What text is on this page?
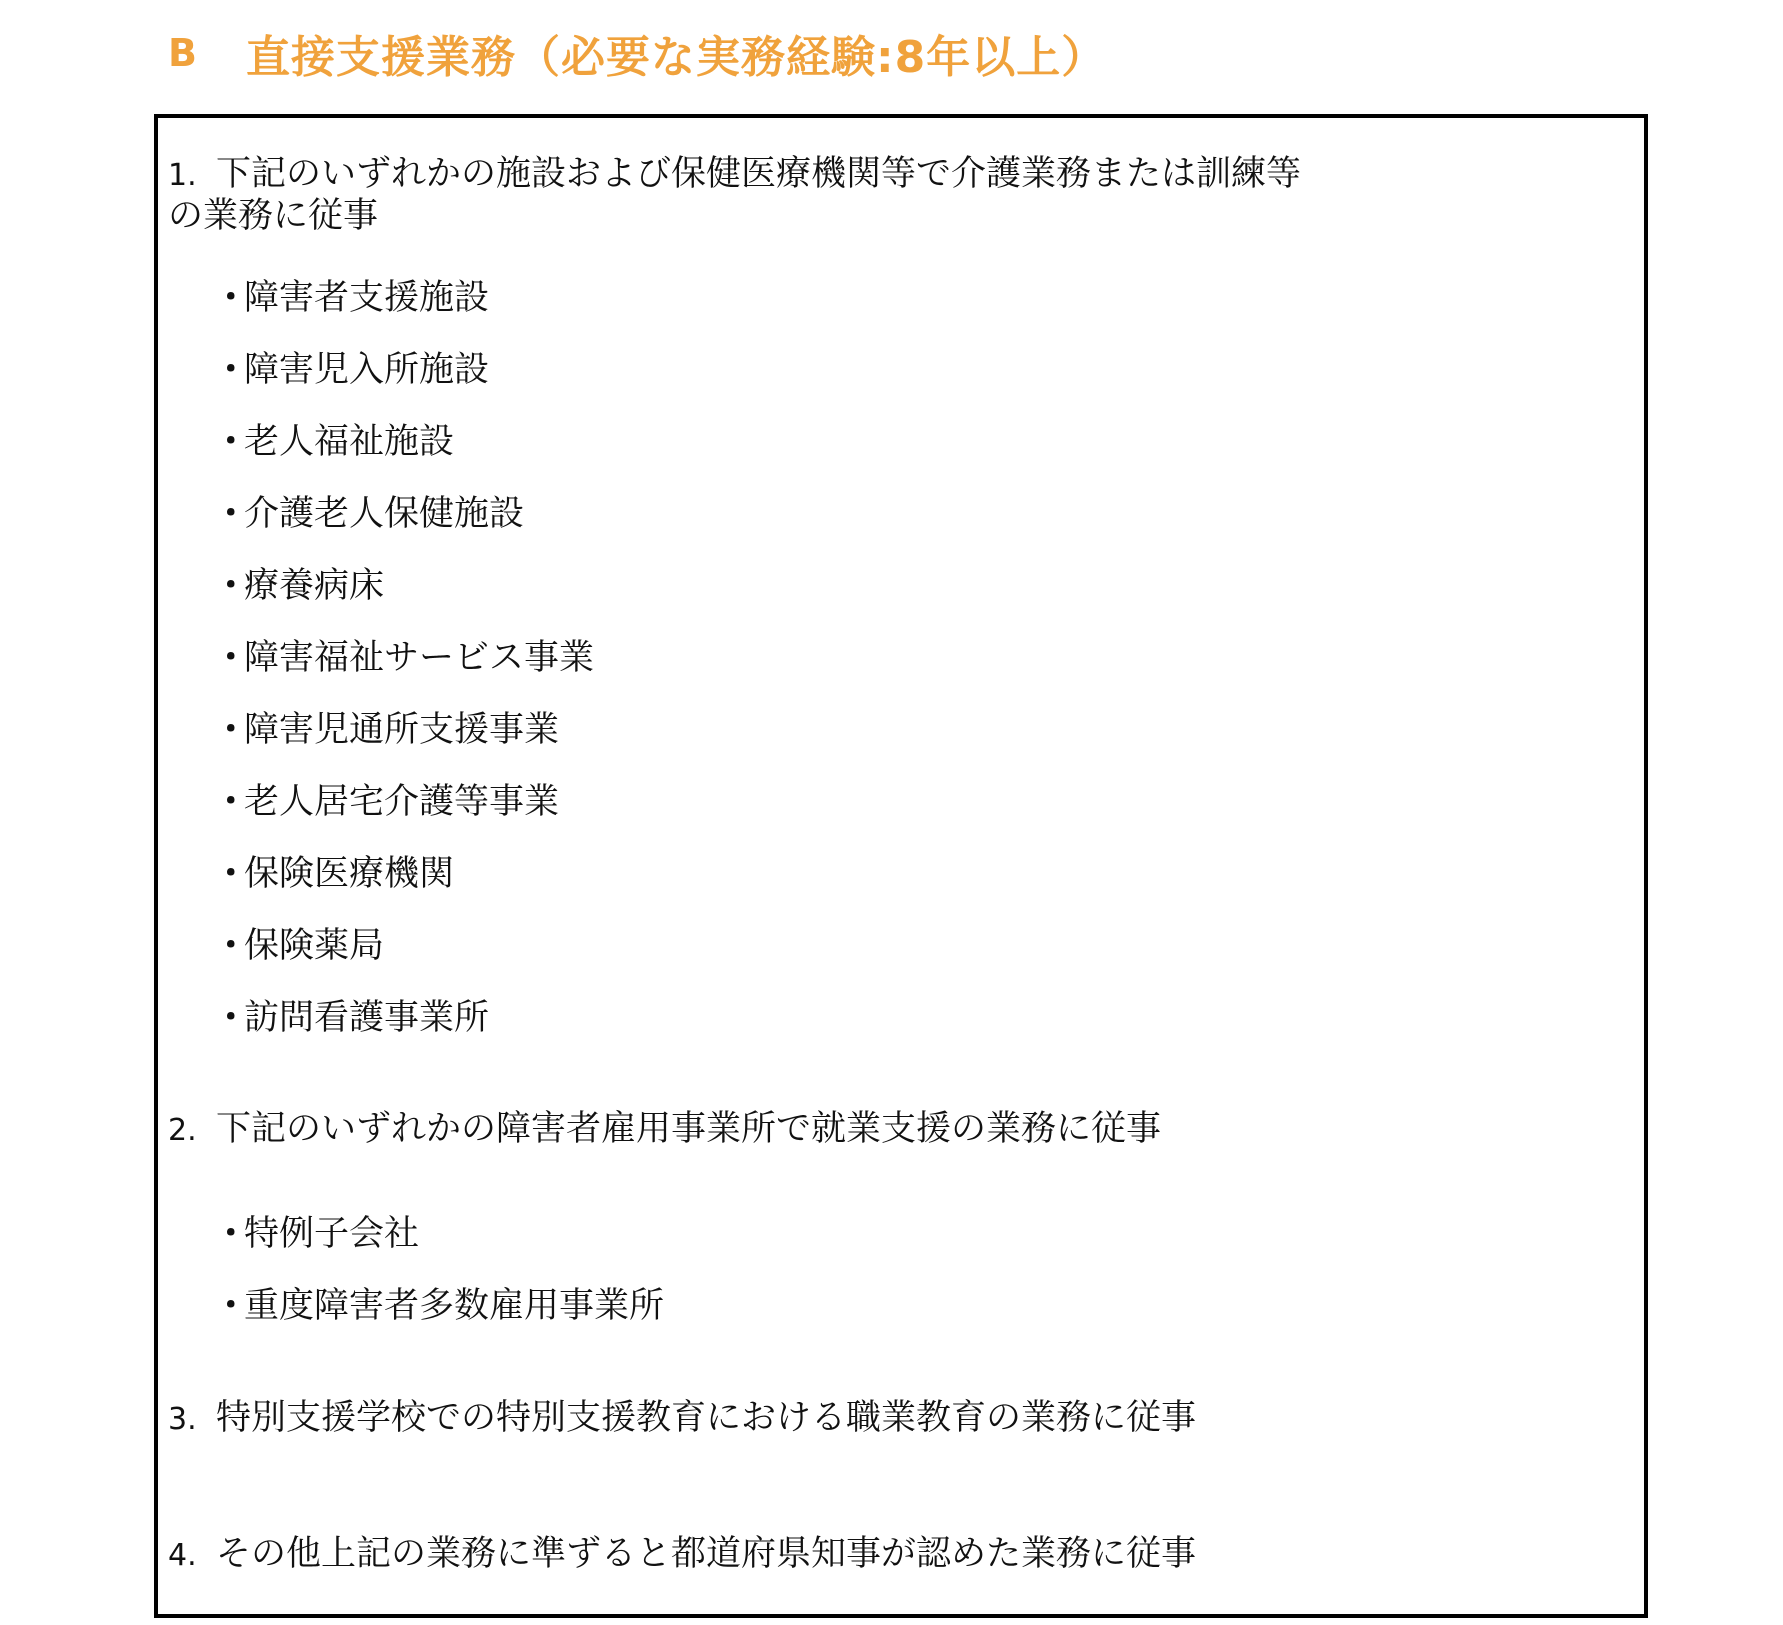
B	直接支援業務（必要な実務経験:8年以上）
1. 下記のいずれかの施設および保健医療機関等で介護業務または訓練等
の業務に従事
･ 障害者支援施設
･ 障害児入所施設
･ 老人福祉施設
･ 介護老人保健施設
･ 療養病床
･ 障害福祉サービス事業
･ 障害児通所支援事業
･ 老人居宅介護等事業
･ 保険医療機関
･ 保険薬局
･ 訪問看護事業所
2. 下記のいずれかの障害者雇用事業所で就業支援の業務に従事
･ 特例子会社
･ 重度障害者多数雇用事業所
3. 特別支援学校での特別支援教育における職業教育の業務に従事
4. その他上記の業務に準ずると都道府県知事が認めた業務に従事
